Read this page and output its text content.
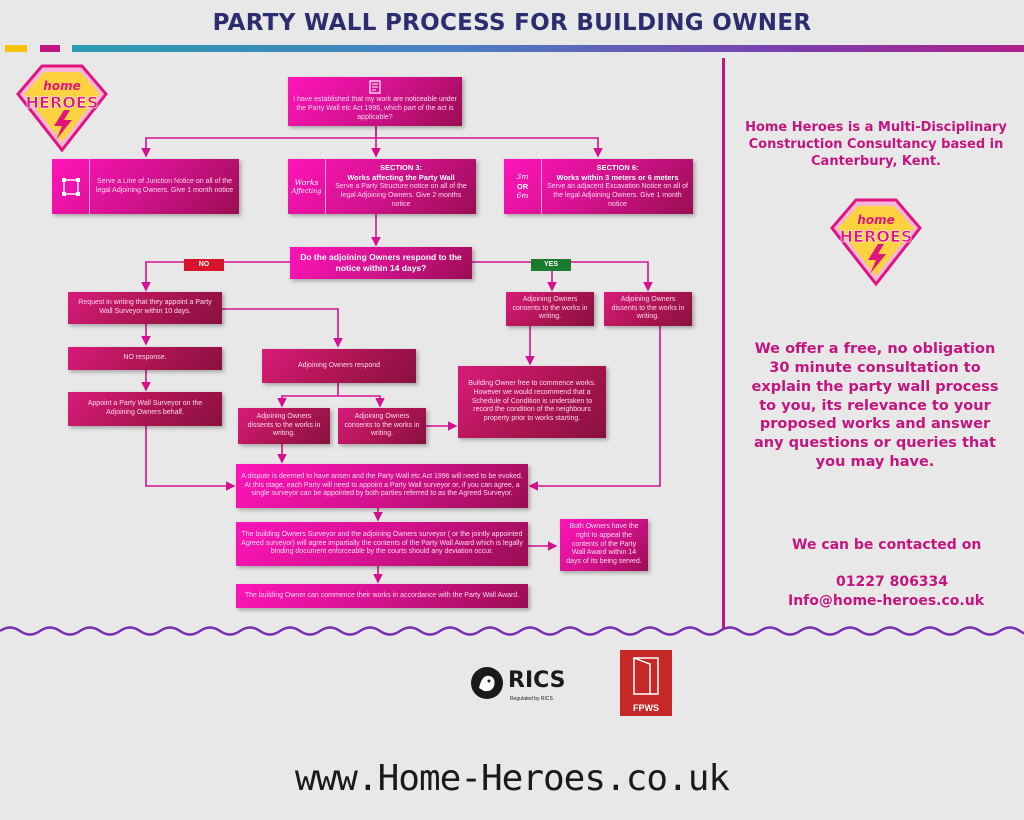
PARTY WALL PROCESS FOR BUILDING OWNER
home
HEROES	I have established that my work are noticeable under the Party Wall etc Act 1996, which part of the act is applicable?
Serve a Line of Junction Notice on all of the legal Adjoining Owners. Give 1 month notice
Works
Affecting
SECTION 3:
Works affecting the Party Wall
Serve a Party Structure notice on all of the legal Adjoining Owners. Give 2 months notice
3m
OR
6m
SECTION 6:
Works within 3 meters or 6 meters
Serve an adjacent Excavation Notice on all of the legal Adjoining Owners. Give 1 month notice
Do the adjoining Owners respond to the notice within 14 days?
NO	YES
Request in writing that they appoint a Party Wall Surveyor within 10 days.
NO response.
Appoint a Party Wall Surveyor on the Adjoining Owners behalf.
Adjoining Owners respond
Adjoining Owners dissents to the works in writing.
Adjoining Owners consents to the works in writing.
Adjoining Owners consents to the works in writing.
Adjoining Owners dissents to the works in writing.
Building Owner free to commence works. However we would recommend that a Schedule of Condition is undertaken to record the condition of the neighbours property prior to works starting.
A dispute is deemed to have arisen and the Party Wall etc Act 1996 will need to be evoked. At this stage, each Party will need to appoint a Party Wall surveyor or, if you can agree, a single surveyor can be appointed by both parties referred to as the Agreed Surveyor.
The building Owners Surveyor and the adjoining Owners surveyor ( or the jointly appointed Agreed surveyor) will agree impartially the contents of the Party Wall Award which is legally binding document enforceable by the courts should any deviation occur.
Both Owners have the right to appeal the contents of the Party Wall Award within 14 days of its being served.
The building Owner can commence their works in accordance with the Party Wall Award.
Home Heroes is a Multi-Disciplinary Construction Consultancy based in Canterbury, Kent.
home
HEROES
We offer a free, no obligation 30 minute consultation to explain the party wall process to you, its relevance to your proposed works and answer any questions or queries that you may have.
We can be contacted on
01227 806334
Info@home-heroes.co.uk
RICS
Regulated by RICS
FPWS
www.Home-Heroes.co.uk
